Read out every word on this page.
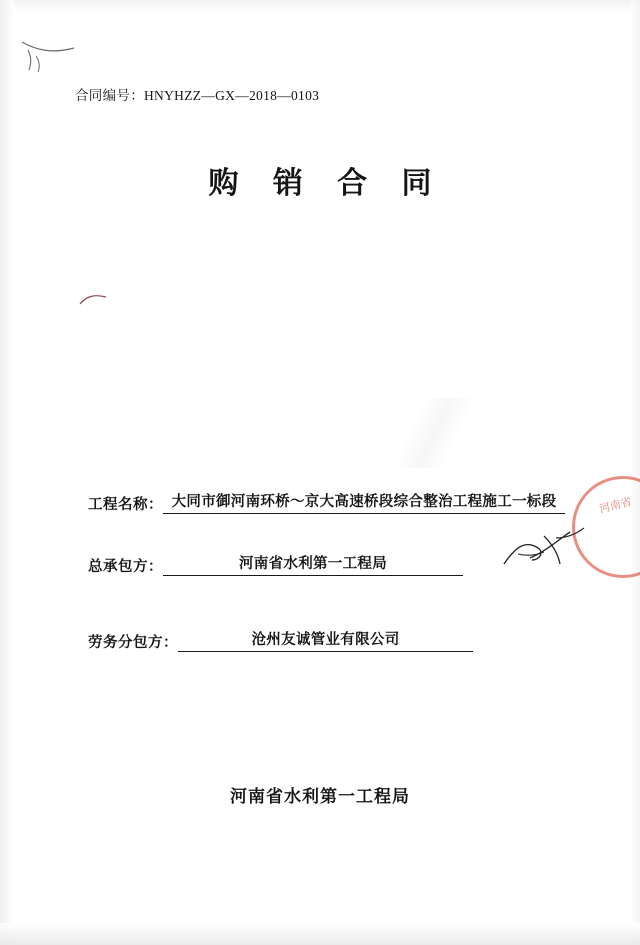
合同编号：HNYHZZ—GX—2018—0103
购 销 合 同
河南省
工程名称： 大同市御河南环桥～京大高速桥段综合整治工程施工一标段
总承包方：	河南省水利第一工程局
劳务分包方：	沧州友诚管业有限公司
河南省水利第一工程局
